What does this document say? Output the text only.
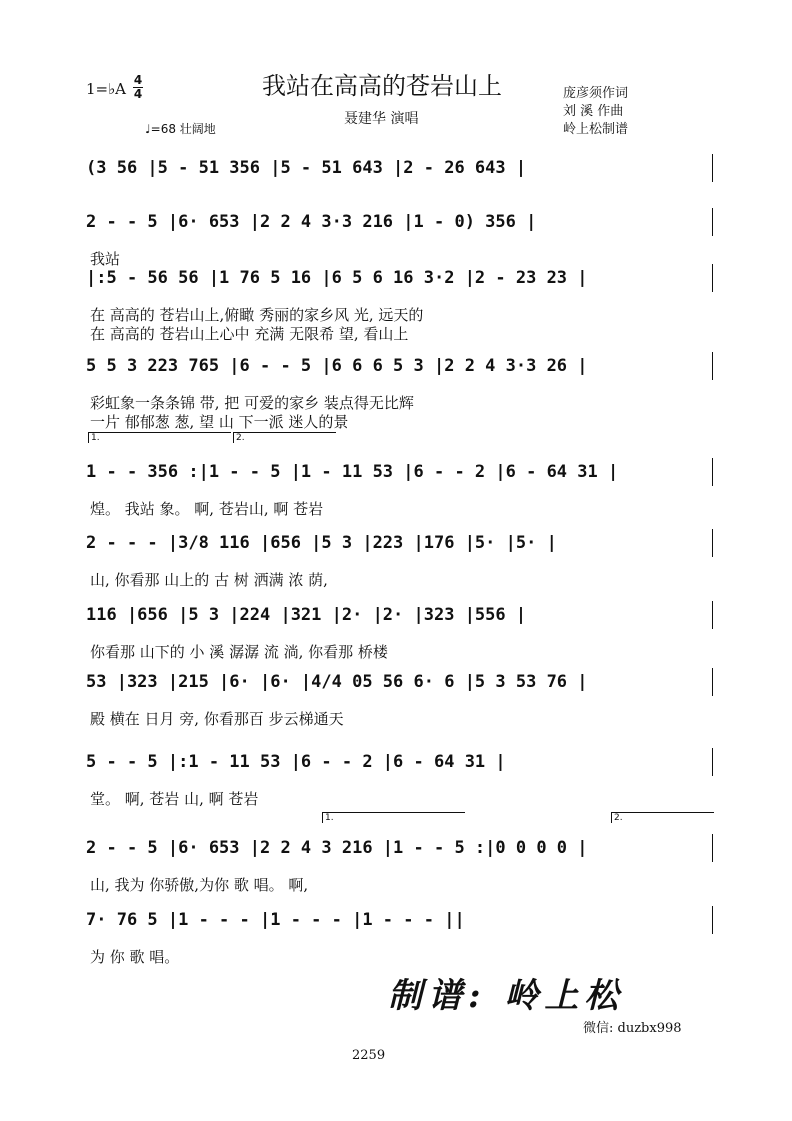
1=♭A 4
4	我站在高高的苍岩山上
聂建华 演唱
庞彦须作词
刘 溪 作曲
岭上松制谱
♩=68 壮阔地
(3 56 |5 - 51 356 |5 - 51 643 |2 - 26 643 |
2 - - 5 |6· 653 |2 2 4 3·3 216 |1 - 0) 356 |
我站
|:5 - 56 56 |1 76 5 16 |6 5 6 16 3·2 |2 - 23 23 |
在 高高的 苍岩山上,俯瞰 秀丽的家乡风 光, 远天的
在 高高的 苍岩山上心中 充满 无限希 望, 看山上
5 5 3 223 765 |6 - - 5 |6 6 6 5 3 |2 2 4 3·3 26 |
彩虹象一条条锦 带, 把 可爱的家乡 装点得无比辉
一片 郁郁葱 葱, 望 山 下一派 迷人的景
1 - - 356 :|1 - - 5 |1 - 11 53 |6 - - 2 |6 - 64 31 |
煌。 我站 象。 啊, 苍岩山, 啊 苍岩
2 - - - |3/8 116 |656 |5 3 |223 |176 |5· |5· |
山, 你看那 山上的 古 树 洒满 浓 荫,
116 |656 |5 3 |224 |321 |2· |2· |323 |556 |
你看那 山下的 小 溪 潺潺 流 淌, 你看那 桥楼
53 |323 |215 |6· |6· |4/4 05 56 6· 6 |5 3 53 76 |
殿 横在 日月 旁, 你看那百 步云梯通天
5 - - 5 |:1 - 11 53 |6 - - 2 |6 - 64 31 |
堂。 啊, 苍岩 山, 啊 苍岩
2 - - 5 |6· 653 |2 2 4 3 216 |1 - - 5 :|0 0 0 0 |
山, 我为 你骄傲,为你 歌 唱。 啊,
7· 76 5 |1 - - - |1 - - - |1 - - - ||
为 你 歌 唱。
1.	2.
1.	2.
制谱: 岭上松
微信: duzbx998
2259
